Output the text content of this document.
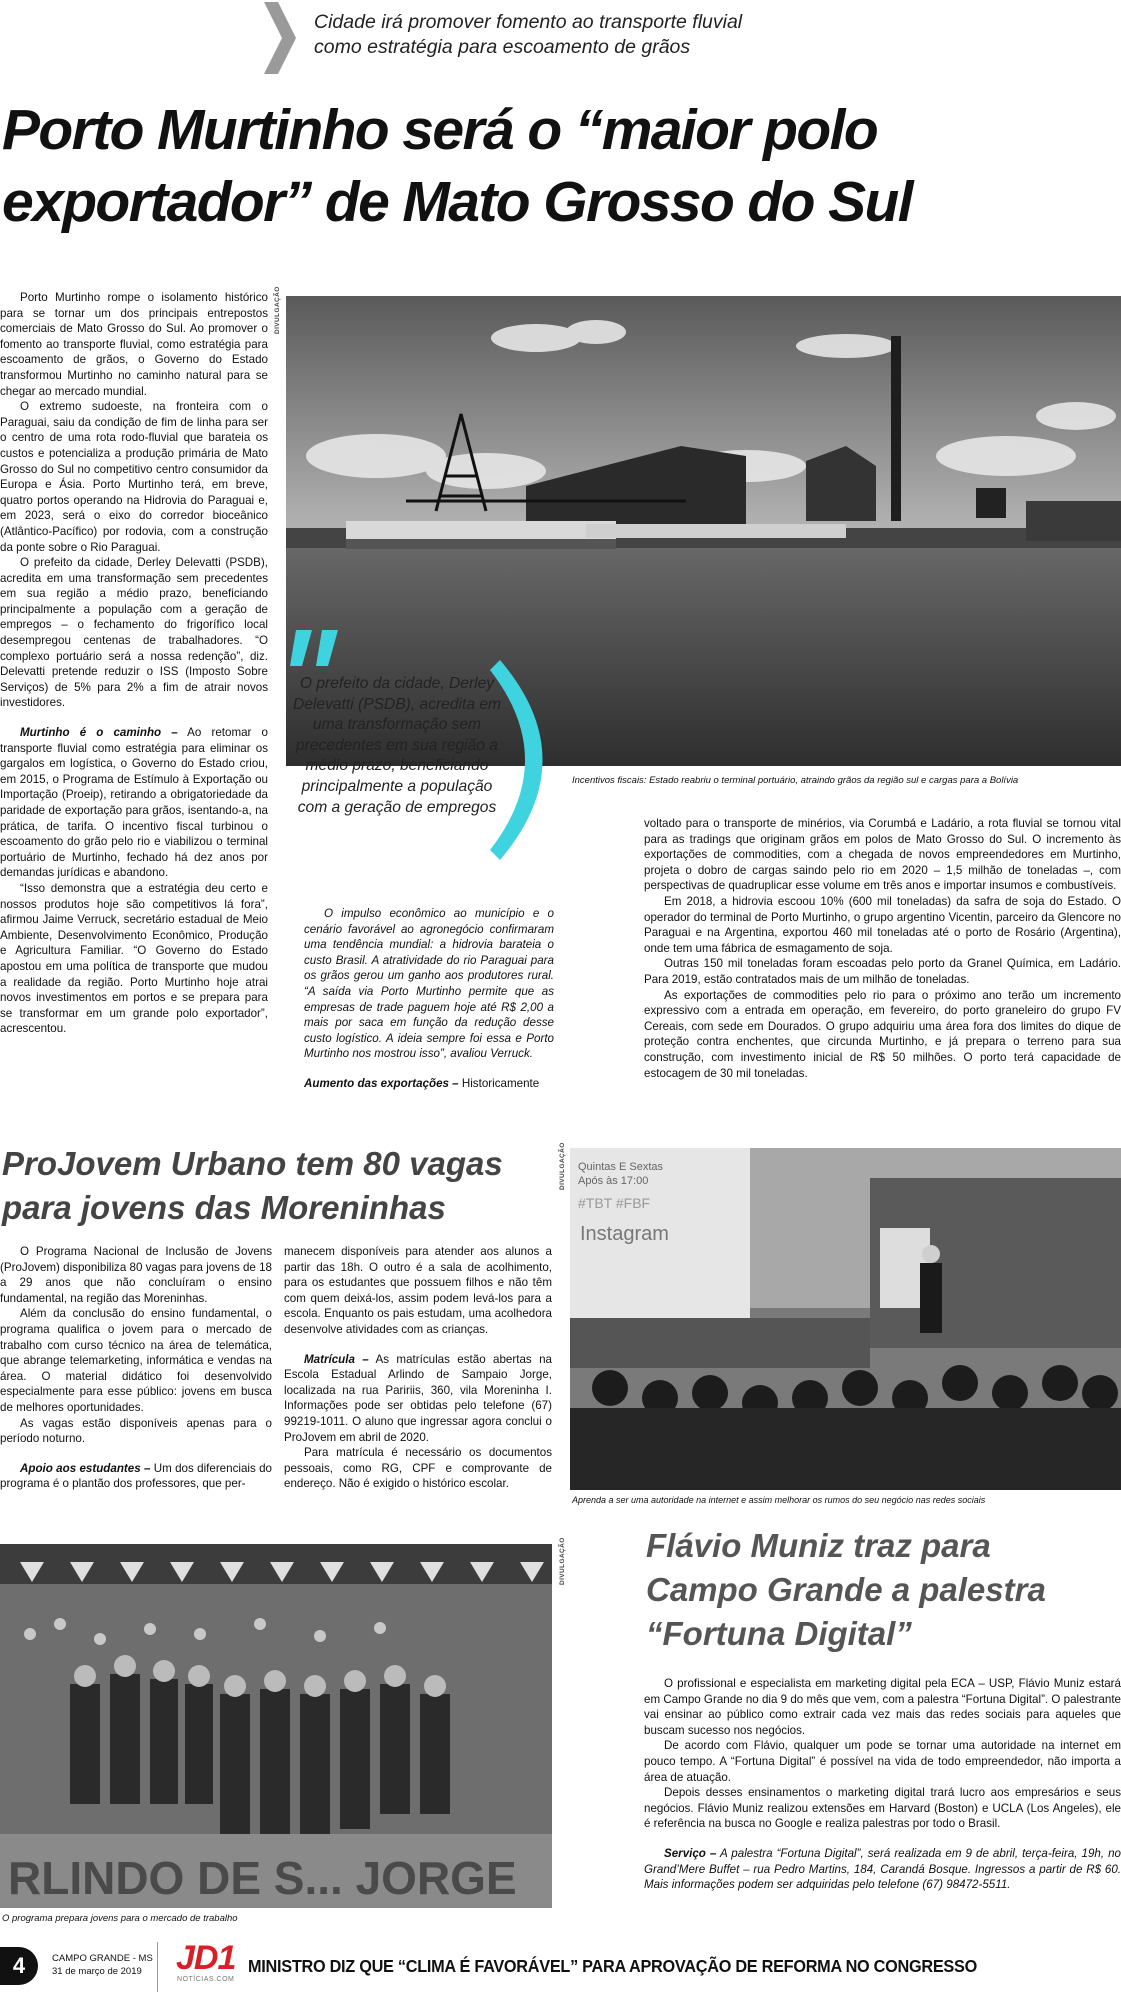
Cidade irá promover fomento ao transporte fluvial
como estratégia para escoamento de grãos
Porto Murtinho será o “maior polo
exportador” de Mato Grosso do Sul

Porto Murtinho rompe o isolamento histórico para se tornar um dos principais entrepostos comerciais de Mato Grosso do Sul. Ao promover o fomento ao transporte fluvial, como estratégia para escoamento de grãos, o Governo do Estado transformou Murtinho no caminho natural para se chegar ao mercado mundial.

O extremo sudoeste, na fronteira com o Paraguai, saiu da condição de fim de linha para ser o centro de uma rota rodo-fluvial que barateia os custos e potencializa a produção primária de Mato Grosso do Sul no competitivo centro consumidor da Europa e Ásia. Porto Murtinho terá, em breve, quatro portos operando na Hidrovia do Paraguai e, em 2023, será o eixo do corredor bioceânico (Atlântico-Pacífico) por rodovia, com a construção da ponte sobre o Rio Paraguai.

O prefeito da cidade, Derley Delevatti (PSDB), acredita em uma transformação sem precedentes em sua região a médio prazo, beneficiando principalmente a população com a geração de empregos – o fechamento do frigorífico local desempregou centenas de trabalhadores. “O complexo portuário será a nossa redenção”, diz. Delevatti pretende reduzir o ISS (Imposto Sobre Serviços) de 5% para 2% a fim de atrair novos investidores.

Murtinho é o caminho – Ao retomar o transporte fluvial como estratégia para eliminar os gargalos em logística, o Governo do Estado criou, em 2015, o Programa de Estímulo à Exportação ou Importação (Proeip), retirando a obrigatoriedade da paridade de exportação para grãos, isentando-a, na prática, de tarifa. O incentivo fiscal turbinou o escoamento do grão pelo rio e viabilizou o terminal portuário de Murtinho, fechado há dez anos por demandas jurídicas e abandono.

“Isso demonstra que a estratégia deu certo e nossos produtos hoje são competitivos lá fora”, afirmou Jaime Verruck, secretário estadual de Meio Ambiente, Desenvolvimento Econômico, Produção e Agricultura Familiar. “O Governo do Estado apostou em uma política de transporte que mudou a realidade da região. Porto Murtinho hoje atrai novos investimentos em portos e se prepara para se transformar em um grande polo exportador”, acrescentou.

DIVULGAÇÃO
Incentivos fiscais: Estado reabriu o terminal portuário, atraindo grãos da região sul e cargas para a Bolívia
O prefeito da cidade, Derley Delevatti (PSDB), acredita em uma transformação sem precedentes em sua região a médio prazo, beneficiando principalmente a população com a geração de empregos

O impulso econômico ao município e o cenário favorável ao agronegócio confirmaram uma tendência mundial: a hidrovia barateia o custo Brasil. A atratividade do rio Paraguai para os grãos gerou um ganho aos produtores rural. “A saída via Porto Murtinho permite que as empresas de trade paguem hoje até R$ 2,00 a mais por saca em função da redução desse custo logístico. A ideia sempre foi essa e Porto Murtinho nos mostrou isso”, avaliou Verruck.

Aumento das exportações – Historicamente

voltado para o transporte de minérios, via Corumbá e Ladário, a rota fluvial se tornou vital para as tradings que originam grãos em polos de Mato Grosso do Sul. O incremento às exportações de commodities, com a chegada de novos empreendedores em Murtinho, projeta o dobro de cargas saindo pelo rio em 2020 – 1,5 milhão de toneladas –, com perspectivas de quadruplicar esse volume em três anos e importar insumos e combustíveis.

Em 2018, a hidrovia escoou 10% (600 mil toneladas) da safra de soja do Estado. O operador do terminal de Porto Murtinho, o grupo argentino Vicentin, parceiro da Glencore no Paraguai e na Argentina, exportou 460 mil toneladas até o porto de Rosário (Argentina), onde tem uma fábrica de esmagamento de soja.

Outras 150 mil toneladas foram escoadas pelo porto da Granel Química, em Ladário. Para 2019, estão contratados mais de um milhão de toneladas.

As exportações de commodities pelo rio para o próximo ano terão um incremento expressivo com a entrada em operação, em fevereiro, do porto graneleiro do grupo FV Cereais, com sede em Dourados. O grupo adquiriu uma área fora dos limites do dique de proteção contra enchentes, que circunda Murtinho, e já prepara o terreno para sua construção, com investimento inicial de R$ 50 milhões. O porto terá capacidade de estocagem de 30 mil toneladas.

ProJovem Urbano tem 80 vagas
para jovens das Moreninhas

O Programa Nacional de Inclusão de Jovens (ProJovem) disponibiliza 80 vagas para jovens de 18 a 29 anos que não concluíram o ensino fundamental, na região das Moreninhas.

Além da conclusão do ensino fundamental, o programa qualifica o jovem para o mercado de trabalho com curso técnico na área de telemática, que abrange telemarketing, informática e vendas na área. O material didático foi desenvolvido especialmente para esse público: jovens em busca de melhores oportunidades.

As vagas estão disponíveis apenas para o período noturno.

Apoio aos estudantes – Um dos diferenciais do programa é o plantão dos professores, que per-

manecem disponíveis para atender aos alunos a partir das 18h. O outro é a sala de acolhimento, para os estudantes que possuem filhos e não têm com quem deixá-los, assim podem levá-los para a escola. Enquanto os pais estudam, uma acolhedora desenvolve atividades com as crianças.

Matrícula – As matrículas estão abertas na Escola Estadual Arlindo de Sampaio Jorge, localizada na rua Paririis, 360, vila Moreninha I. Informações pode ser obtidas pelo telefone (67) 99219-1011. O aluno que ingressar agora conclui o ProJovem em abril de 2020.

Para matrícula é necessário os documentos pessoais, como RG, CPF e comprovante de endereço. Não é exigido o histórico escolar.

DIVULGAÇÃO
RLINDO DE S... JORGE
O programa prepara jovens para o mercado de trabalho
DIVULGAÇÃO Quintas E Sextas
Após às 17:00
#TBT #FBF
Instagram
Aprenda a ser uma autoridade na internet e assim melhorar os rumos do seu negócio nas redes sociais
Flávio Muniz traz para
Campo Grande a palestra
“Fortuna Digital”

O profissional e especialista em marketing digital pela ECA – USP, Flávio Muniz estará em Campo Grande no dia 9 do mês que vem, com a palestra “Fortuna Digital”. O palestrante vai ensinar ao público como extrair cada vez mais das redes sociais para aqueles que buscam sucesso nos negócios.

De acordo com Flávio, qualquer um pode se tornar uma autoridade na internet em pouco tempo. A “Fortuna Digital” é possível na vida de todo empreendedor, não importa a área de atuação.

Depois desses ensinamentos o marketing digital trará lucro aos empresários e seus negócios. Flávio Muniz realizou extensões em Harvard (Boston) e UCLA (Los Angeles), ele é referência na busca no Google e realiza palestras por todo o Brasil.

Serviço – A palestra “Fortuna Digital”, será realizada em 9 de abril, terça-feira, 19h, no Grand’Mere Buffet – rua Pedro Martins, 184, Carandá Bosque. Ingressos a partir de R$ 60. Mais informações podem ser adquiridas pelo telefone (67) 98472-5511.

4	CAMPO GRANDE - MS
31 de março de 2019	JD1
NOTÍCIAS.COM
MINISTRO DIZ QUE “CLIMA É FAVORÁVEL” PARA APROVAÇÃO DE REFORMA NO CONGRESSO
